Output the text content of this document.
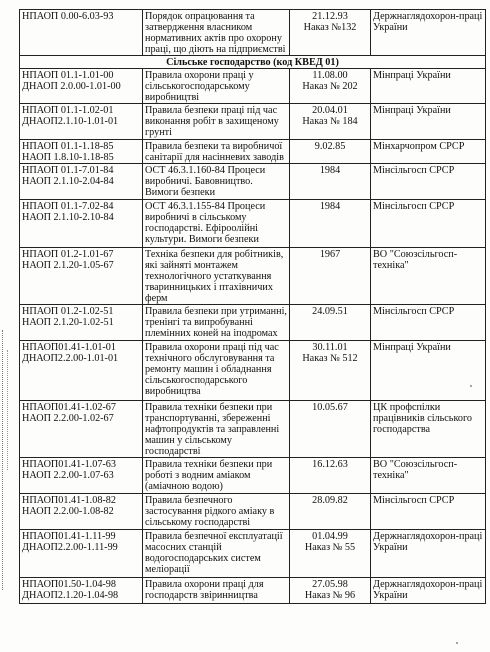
НПАОП 0.00-6.03-93	Порядок опрацювання та затвердження власником нормативних актів про охорону праці, що діють на підприємстві	21.12.93
Наказ №132	Держнаглядохорон-праці України
Сільське господарство (код КВЕД 01)			

НПАОП 01.1-1.01-00
ДНАОП 2.0.00-1.01-00	Правила охорони праці у сільськогосподарському виробництві	11.08.00
Наказ № 202	Мінпраці України

НПАОП 01.1-1.02-01
ДНАОП2.1.10-1.01-01	Правила безпеки праці під час виконання робіт в захищеному грунті	20.04.01
Наказ № 184	Мінпраці України

НПАОП 01.1-1.18-85
НАОП 1.8.10-1.18-85	Правила безпеки та виробничої санітарії для насінневих заводів	9.02.85	Мінхарчопром СРСР

НПАОП 01.1-7.01-84
НАОП 2.1.10-2.04-84	ОСТ 46.3.1.160-84 Процеси виробничі. Бавовництво. Вимоги безпеки	1984	Мінсільгосп СРСР

НПАОП 01.1-7.02-84
НАОП 2.1.10-2.10-84	ОСТ 46.3.1.155-84 Процеси виробничі в сільському господарстві. Ефіроолійні культури. Вимоги безпеки	1984	Мінсільгосп СРСР

НПАОП 01.2-1.01-67
НАОП 2.1.20-1.05-67	Техніка безпеки для робітників, які зайняті монтажем технологічного устаткування тваринницьких і птахівничих ферм	1967	ВО "Союзсільгосп-техніка"

НПАОП 01.2-1.02-51
НАОП 2.1.20-1.02-51	Правила безпеки при утриманні, тренінгі та випробуванні племінних коней на іподромах	24.09.51	Мінсільгосп СРСР

НПАОП01.41-1.01-01
ДНАОП2.2.00-1.01-01	Правила охорони праці під час технічного обслуговування та ремонту машин і обладнання сільськогосподарського виробництва	30.11.01
Наказ № 512	Мінпраці України

НПАОП01.41-1.02-67
НАОП 2.2.00-1.02-67	Правила техніки безпеки при транспортуванні, збереженні нафтопродуктів та заправленні машин у сільському господарстві	10.05.67	ЦК профспілки працівників сільського господарства

НПАОП01.41-1.07-63
НАОП 2.2.00-1.07-63	Правила техніки безпеки при роботі з водним аміаком (аміачною водою)	16.12.63	ВО "Союзсільгосп-техніка"

НПАОП01.41-1.08-82
НАОП 2.2.00-1.08-82	Правила безпечного застосування рідкого аміаку в сільському господарстві	28.09.82	Мінсільгосп СРСР

НПАОП01.41-1.11-99
ДНАОП2.2.00-1.11-99	Правила безпечної експлуатації масосних станцій водогосподарських систем меліорації	01.04.99
Наказ № 55	Держнаглядохорон-праці України

НПАОП01.50-1.04-98
ДНАОП2.1.20-1.04-98	Правила охорони праці для господарств звіринництва	27.05.98
Наказ № 96	Держнаглядохорон-праці України
